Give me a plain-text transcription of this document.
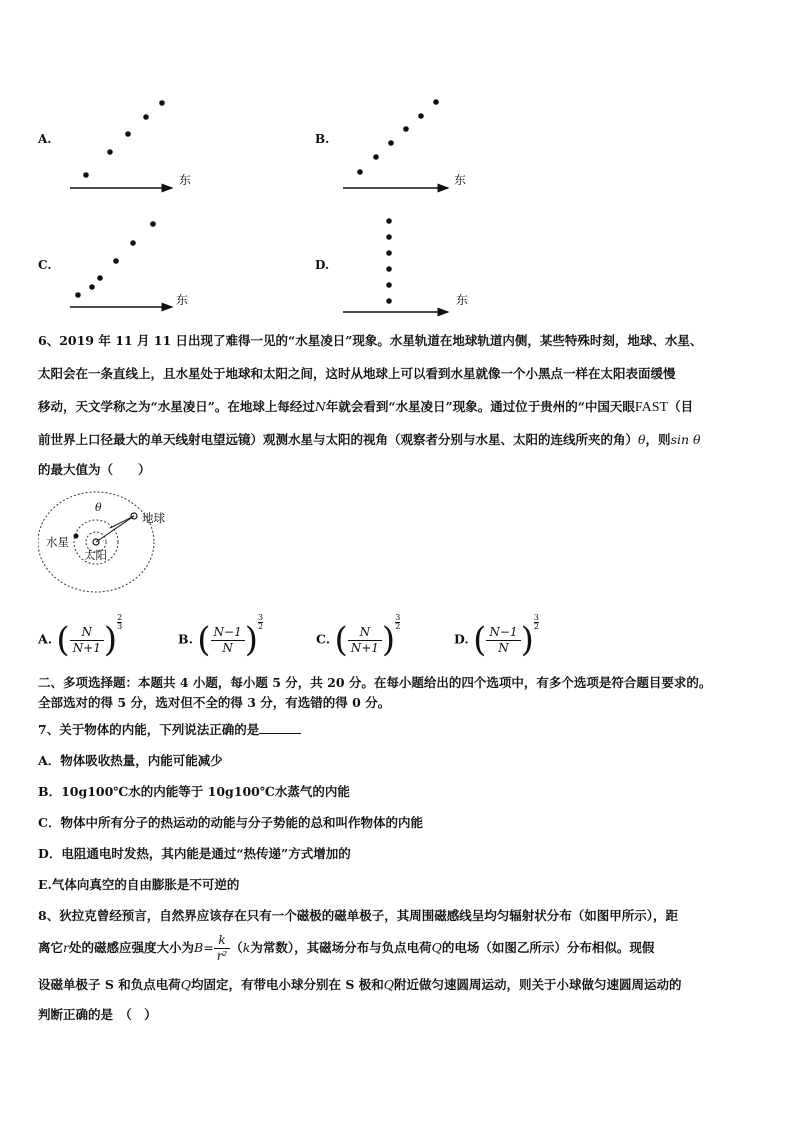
A.	B.
C.	D.
东	东
东	东
6、2019 年 11 月 11 日出现了难得一见的“水星凌日”现象。水星轨道在地球轨道内侧，某些特殊时刻，地球、水星、
太阳会在一条直线上，且水星处于地球和太阳之间，这时从地球上可以看到水星就像一个小黑点一样在太阳表面缓慢
移动，天文学称之为“水星凌日”。在地球上每经过N年就会看到“水星凌日”现象。通过位于贵州的“中国天眼FAST（目
前世界上口径最大的单天线射电望远镜）观测水星与太阳的视角（观察者分别与水星、太阳的连线所夹的角）θ，则sin θ
的最大值为（　　）
θ
地球
水星
太阳
A. ( $\frac{N}{N+1}$ ) $\frac{2}{3}$
B. ( $\frac{N-1}{N}$ ) $\frac{3}{2}$
C. ( $\frac{N}{N+1}$ ) $\frac{3}{2}$
D. ( $\frac{N-1}{N}$ ) $\frac{3}{2}$
二、多项选择题：本题共 4 小题，每小题 5 分，共 20 分。在每小题给出的四个选项中，有多个选项是符合题目要求的。
全部选对的得 5 分，选对但不全的得 3 分，有选错的得 0 分。
7、关于物体的内能，下列说法正确的是
A．物体吸收热量，内能可能减少
B．10g100℃水的内能等于 10g100℃水蒸气的内能
C．物体中所有分子的热运动的动能与分子势能的总和叫作物体的内能
D．电阻通电时发热，其内能是通过“热传递”方式增加的
E.气体向真空的自由膨胀是不可逆的
8、狄拉克曾经预言，自然界应该存在只有一个磁极的磁单极子，其周围磁感线呈均匀辐射状分布（如图甲所示），距
离它r处的磁感应强度大小为$B= \frac{k}{\text{r²}} (k$为常数），其磁场分布与负点电荷Q的电场（如图乙所示）分布相似。现假
设磁单极子 S 和负点电荷Q均固定，有带电小球分别在 S 极和Q附近做匀速圆周运动，则关于小球做匀速圆周运动的
判断正确的是　（　）
